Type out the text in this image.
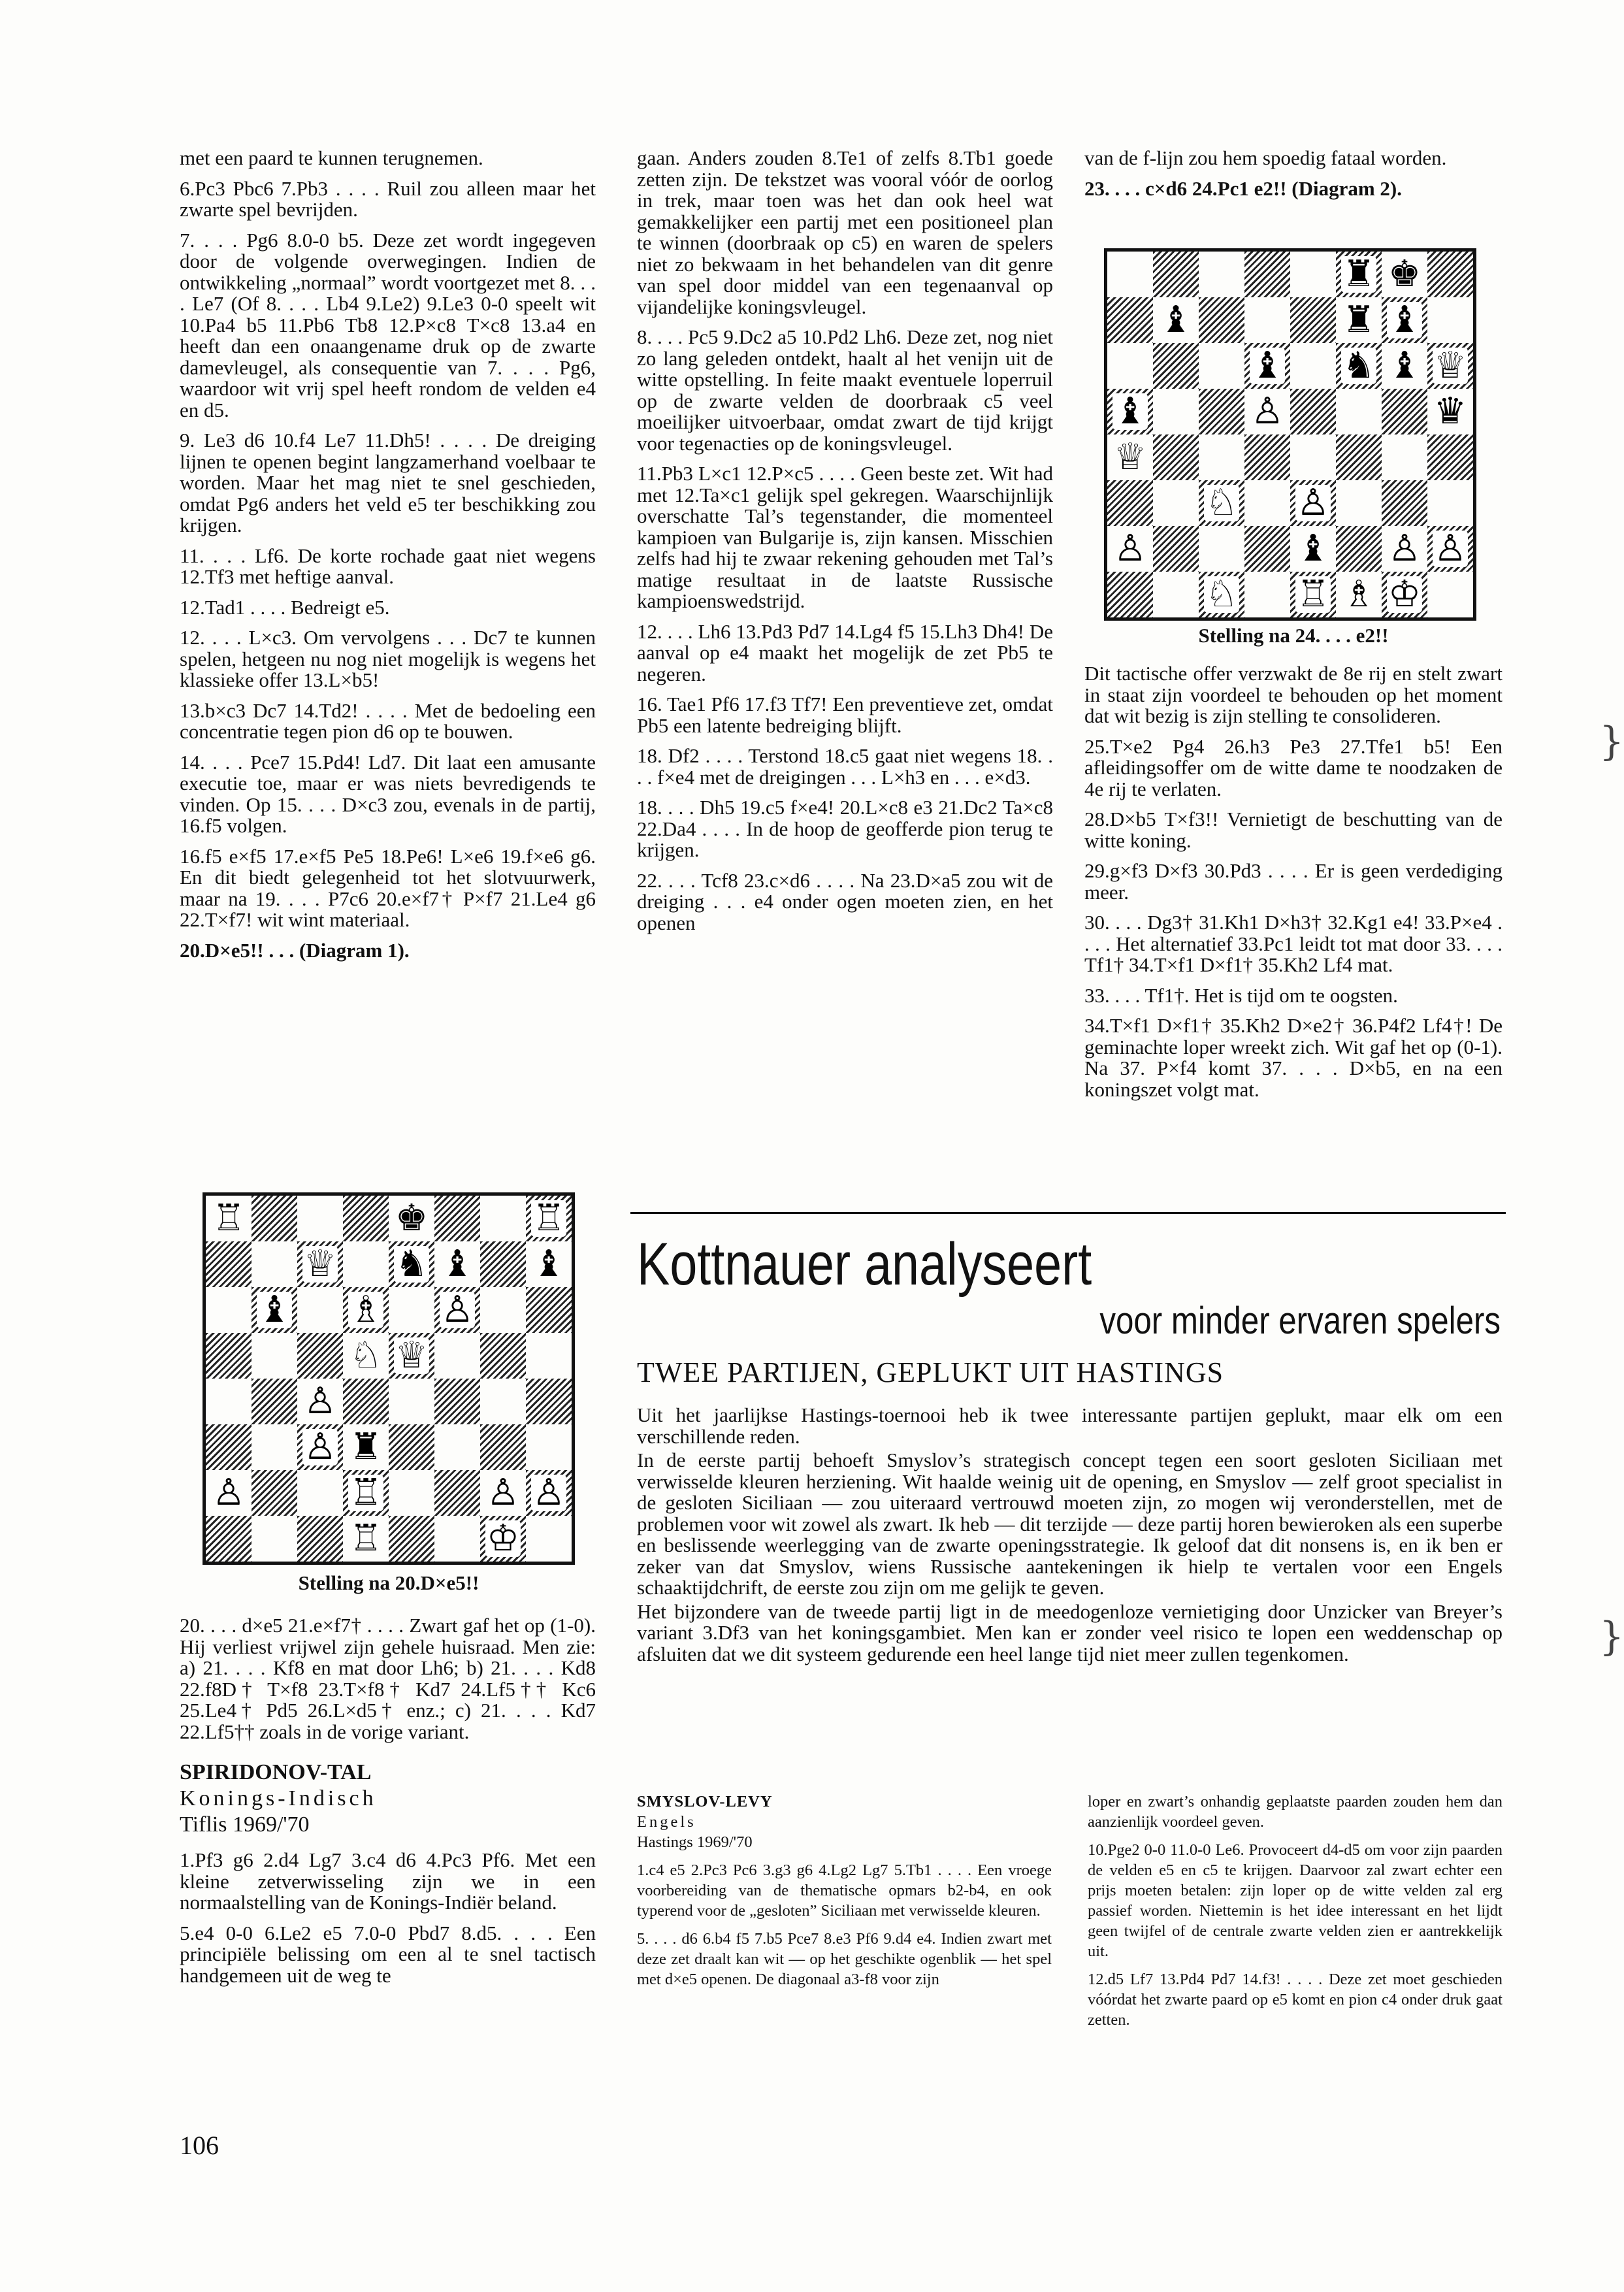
met een paard te kunnen terugnemen.

6.Pc3 Pbc6 7.Pb3 . . . . Ruil zou alleen maar het zwarte spel bevrijden.

7. . . . Pg6 8.0-0 b5. Deze zet wordt ingegeven door de volgende overwegingen. Indien de ontwikkeling „normaal” wordt voortgezet met 8. . . . Le7 (Of 8. . . . Lb4 9.Le2) 9.Le3 0-0 speelt wit 10.Pa4 b5 11.Pb6 Tb8 12.P×c8 T×c8 13.a4 en heeft dan een onaangename druk op de zwarte damevleugel, als consequentie van 7. . . . Pg6, waardoor wit vrij spel heeft rondom de velden e4 en d5.

9. Le3 d6 10.f4 Le7 11.Dh5! . . . . De dreiging lijnen te openen begint langzamerhand voelbaar te worden. Maar het mag niet te snel geschieden, omdat Pg6 anders het veld e5 ter beschikking zou krijgen.

11. . . . Lf6. De korte rochade gaat niet wegens 12.Tf3 met heftige aanval.

12.Tad1 . . . . Bedreigt e5.

12. . . . L×c3. Om vervolgens . . . Dc7 te kunnen spelen, hetgeen nu nog niet mogelijk is wegens het klassieke offer 13.L×b5!

13.b×c3 Dc7 14.Td2! . . . . Met de bedoeling een concentratie tegen pion d6 op te bouwen.

14. . . . Pce7 15.Pd4! Ld7. Dit laat een amusante executie toe, maar er was niets bevredigends te vinden. Op 15. . . . D×c3 zou, evenals in de partij, 16.f5 volgen.

16.f5 e×f5 17.e×f5 Pe5 18.Pe6! L×e6 19.f×e6 g6. En dit biedt gelegenheid tot het slotvuurwerk, maar na 19. . . . P7c6 20.e×f7† P×f7 21.Le4 g6 22.T×f7! wit wint materiaal.

20.D×e5!! . . . (Diagram 1).

♖	♚	♖
♕ ♞ ♝ ♝
♝ ♗ ♙
♘ ♕
♙
♙ ♜
♙	♖	♙ ♙
♖	♔
Stelling na 20.D×e5!!

20. . . . d×e5 21.e×f7† . . . . Zwart gaf het op (1-0). Hij verliest vrijwel zijn gehele huisraad. Men zie: a) 21. . . . Kf8 en mat door Lh6; b) 21. . . . Kd8 22.f8D† T×f8 23.T×f8† Kd7 24.Lf5†† Kc6 25.Le4† Pd5 26.L×d5† enz.; c) 21. . . . Kd7 22.Lf5†† zoals in de vorige variant.

SPIRIDONOV-TAL
Konings-Indisch
Tiflis 1969/'70

1.Pf3 g6 2.d4 Lg7 3.c4 d6 4.Pc3 Pf6. Met een kleine zetverwisseling zijn we in een normaalstelling van de Konings-Indiër beland.

5.e4 0-0 6.Le2 e5 7.0-0 Pbd7 8.d5. . . . Een principiële belissing om een al te snel tactisch handgemeen uit de weg te

gaan. Anders zouden 8.Te1 of zelfs 8.Tb1 goede zetten zijn. De tekstzet was vooral vóór de oorlog in trek, maar toen was het dan ook heel wat gemakkelijker een partij met een positioneel plan te winnen (doorbraak op c5) en waren de spelers niet zo bekwaam in het behandelen van dit genre van spel door middel van een tegenaanval op vijandelijke koningsvleugel.

8. . . . Pc5 9.Dc2 a5 10.Pd2 Lh6. Deze zet, nog niet zo lang geleden ontdekt, haalt al het venijn uit de witte opstelling. In feite maakt eventuele loperruil op de zwarte velden de doorbraak c5 veel moeilijker uitvoerbaar, omdat zwart de tijd krijgt voor tegenacties op de koningsvleugel.

11.Pb3 L×c1 12.P×c5 . . . . Geen beste zet. Wit had met 12.Ta×c1 gelijk spel gekregen. Waarschijnlijk overschatte Tal’s tegenstander, die momenteel kampioen van Bulgarije is, zijn kansen. Misschien zelfs had hij te zwaar rekening gehouden met Tal’s matige resultaat in de laatste Russische kampioenswedstrijd.

12. . . . Lh6 13.Pd3 Pd7 14.Lg4 f5 15.Lh3 Dh4! De aanval op e4 maakt het mogelijk de zet Pb5 te negeren.

16. Tae1 Pf6 17.f3 Tf7! Een preventieve zet, omdat Pb5 een latente bedreiging blijft.

18. Df2 . . . . Terstond 18.c5 gaat niet wegens 18. . . . f×e4 met de dreigingen . . . L×h3 en . . . e×d3.

18. . . . Dh5 19.c5 f×e4! 20.L×c8 e3 21.Dc2 Ta×c8 22.Da4 . . . . In de hoop de geofferde pion terug te krijgen.

22. . . . Tcf8 23.c×d6 . . . . Na 23.D×a5 zou wit de dreiging . . . e4 onder ogen moeten zien, en het openen

van de f-lijn zou hem spoedig fataal worden.

23. . . . c×d6 24.Pc1 e2!! (Diagram 2).

♜ ♚
♝	♜ ♝
♝ ♞ ♝ ♕
♝	♙	♛
♕
♘ ♙
♙	♝ ♙ ♙
♘ ♖ ♗ ♔
Stelling na 24. . . . e2!!

Dit tactische offer verzwakt de 8e rij en stelt zwart in staat zijn voordeel te behouden op het moment dat wit bezig is zijn stelling te consolideren.

25.T×e2 Pg4 26.h3 Pe3 27.Tfe1 b5! Een afleidingsoffer om de witte dame te noodzaken de 4e rij te verlaten.

28.D×b5 T×f3!! Vernietigt de beschutting van de witte koning.

29.g×f3 D×f3 30.Pd3 . . . . Er is geen verdediging meer.

30. . . . Dg3† 31.Kh1 D×h3† 32.Kg1 e4! 33.P×e4 . . . . Het alternatief 33.Pc1 leidt tot mat door 33. . . . Tf1† 34.T×f1 D×f1† 35.Kh2 Lf4 mat.

33. . . . Tf1†. Het is tijd om te oogsten.

34.T×f1 D×f1† 35.Kh2 D×e2† 36.P4f2 Lf4†! De geminachte loper wreekt zich. Wit gaf het op (0-1). Na 37. P×f4 komt 37. . . . D×b5, en na een koningszet volgt mat.

Kottnauer analyseert
voor minder ervaren spelers
TWEE PARTIJEN, GEPLUKT UIT HASTINGS

Uit het jaarlijkse Hastings-toernooi heb ik twee interessante partijen geplukt, maar elk om een verschillende reden.

In de eerste partij behoeft Smyslov’s strategisch concept tegen een soort gesloten Siciliaan met verwisselde kleuren herziening. Wit haalde weinig uit de opening, en Smyslov — zelf groot specialist in de gesloten Siciliaan — zou uiteraard vertrouwd moeten zijn, zo mogen wij veronderstellen, met de problemen voor wit zowel als zwart. Ik heb — dit terzijde — deze partij horen bewieroken als een superbe en beslissende weerlegging van de zwarte openingsstrategie. Ik geloof dat dit nonsens is, en ik ben er zeker van dat Smyslov, wiens Russische aantekeningen ik hielp te vertalen voor een Engels schaaktijdchrift, de eerste zou zijn om me gelijk te geven.

Het bijzondere van de tweede partij ligt in de meedogenloze vernietiging door Unzicker van Breyer’s variant 3.Df3 van het koningsgambiet. Men kan er zonder veel risico te lopen een weddenschap op afsluiten dat we dit systeem gedurende een heel lange tijd niet meer zullen tegenkomen.

SMYSLOV-LEVY
Engels
Hastings 1969/'70

1.c4 e5 2.Pc3 Pc6 3.g3 g6 4.Lg2 Lg7 5.Tb1 . . . . Een vroege voorbereiding van de thematische opmars b2-b4, en ook typerend voor de „gesloten” Siciliaan met verwisselde kleuren.

5. . . . d6 6.b4 f5 7.b5 Pce7 8.e3 Pf6 9.d4 e4. Indien zwart met deze zet draalt kan wit — op het geschikte ogenblik — het spel met d×e5 openen. De diagonaal a3-f8 voor zijn

loper en zwart’s onhandig geplaatste paarden zouden hem dan aanzienlijk voordeel geven.

10.Pge2 0-0 11.0-0 Le6. Provoceert d4-d5 om voor zijn paarden de velden e5 en c5 te krijgen. Daarvoor zal zwart echter een prijs moeten betalen: zijn loper op de witte velden zal erg passief worden. Niettemin is het idee interessant en het lijdt geen twijfel of de centrale zwarte velden zien er aantrekkelijk uit.

12.d5 Lf7 13.Pd4 Pd7 14.f3! . . . . Deze zet moet geschieden vóórdat het zwarte paard op e5 komt en pion c4 onder druk gaat zetten.

106
}
}
